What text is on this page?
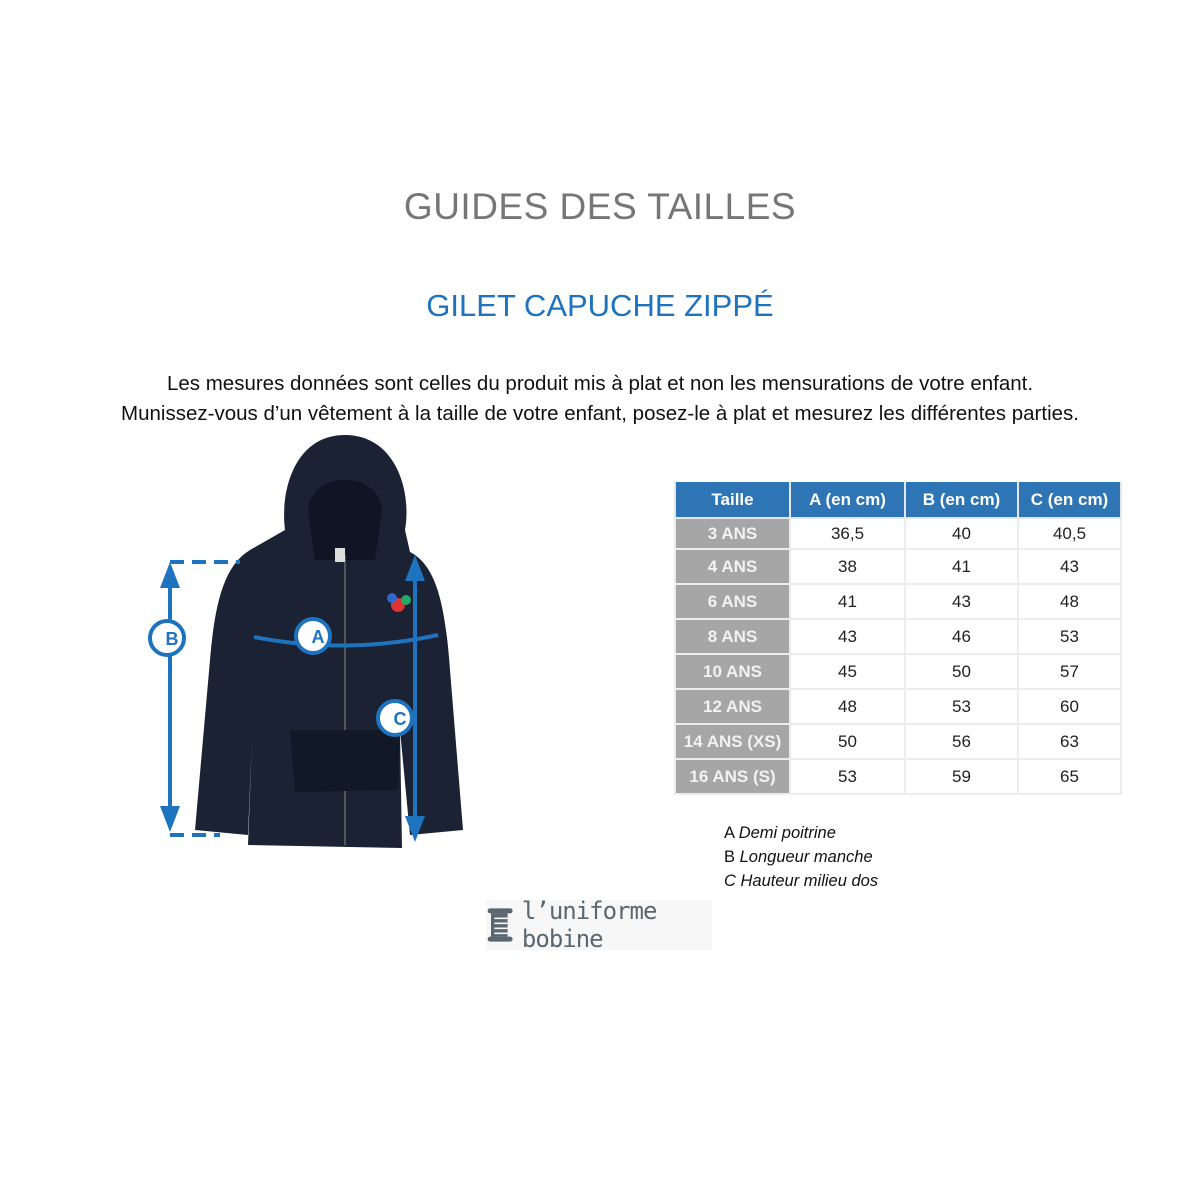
GUIDES DES TAILLES
GILET CAPUCHE ZIPPÉ
Les mesures données sont celles du produit mis à plat et non les mensurations de votre enfant.
Munissez-vous d’un vêtement à la taille de votre enfant, posez-le à plat et mesurez les différentes parties.
B	A
C
Taille	A (en cm)	B (en cm)	C (en cm)
3 ANS	36,5	40	40,5
4 ANS	38	41	43
6 ANS	41	43	48
8 ANS	43	46	53
10 ANS	45	50	57
12 ANS	48	53	60
14 ANS (XS)	50	56	63
16 ANS (S)	53	59	65
A Demi poitrine
B Longueur manche
C Hauteur milieu dos
l’uniforme bobine
